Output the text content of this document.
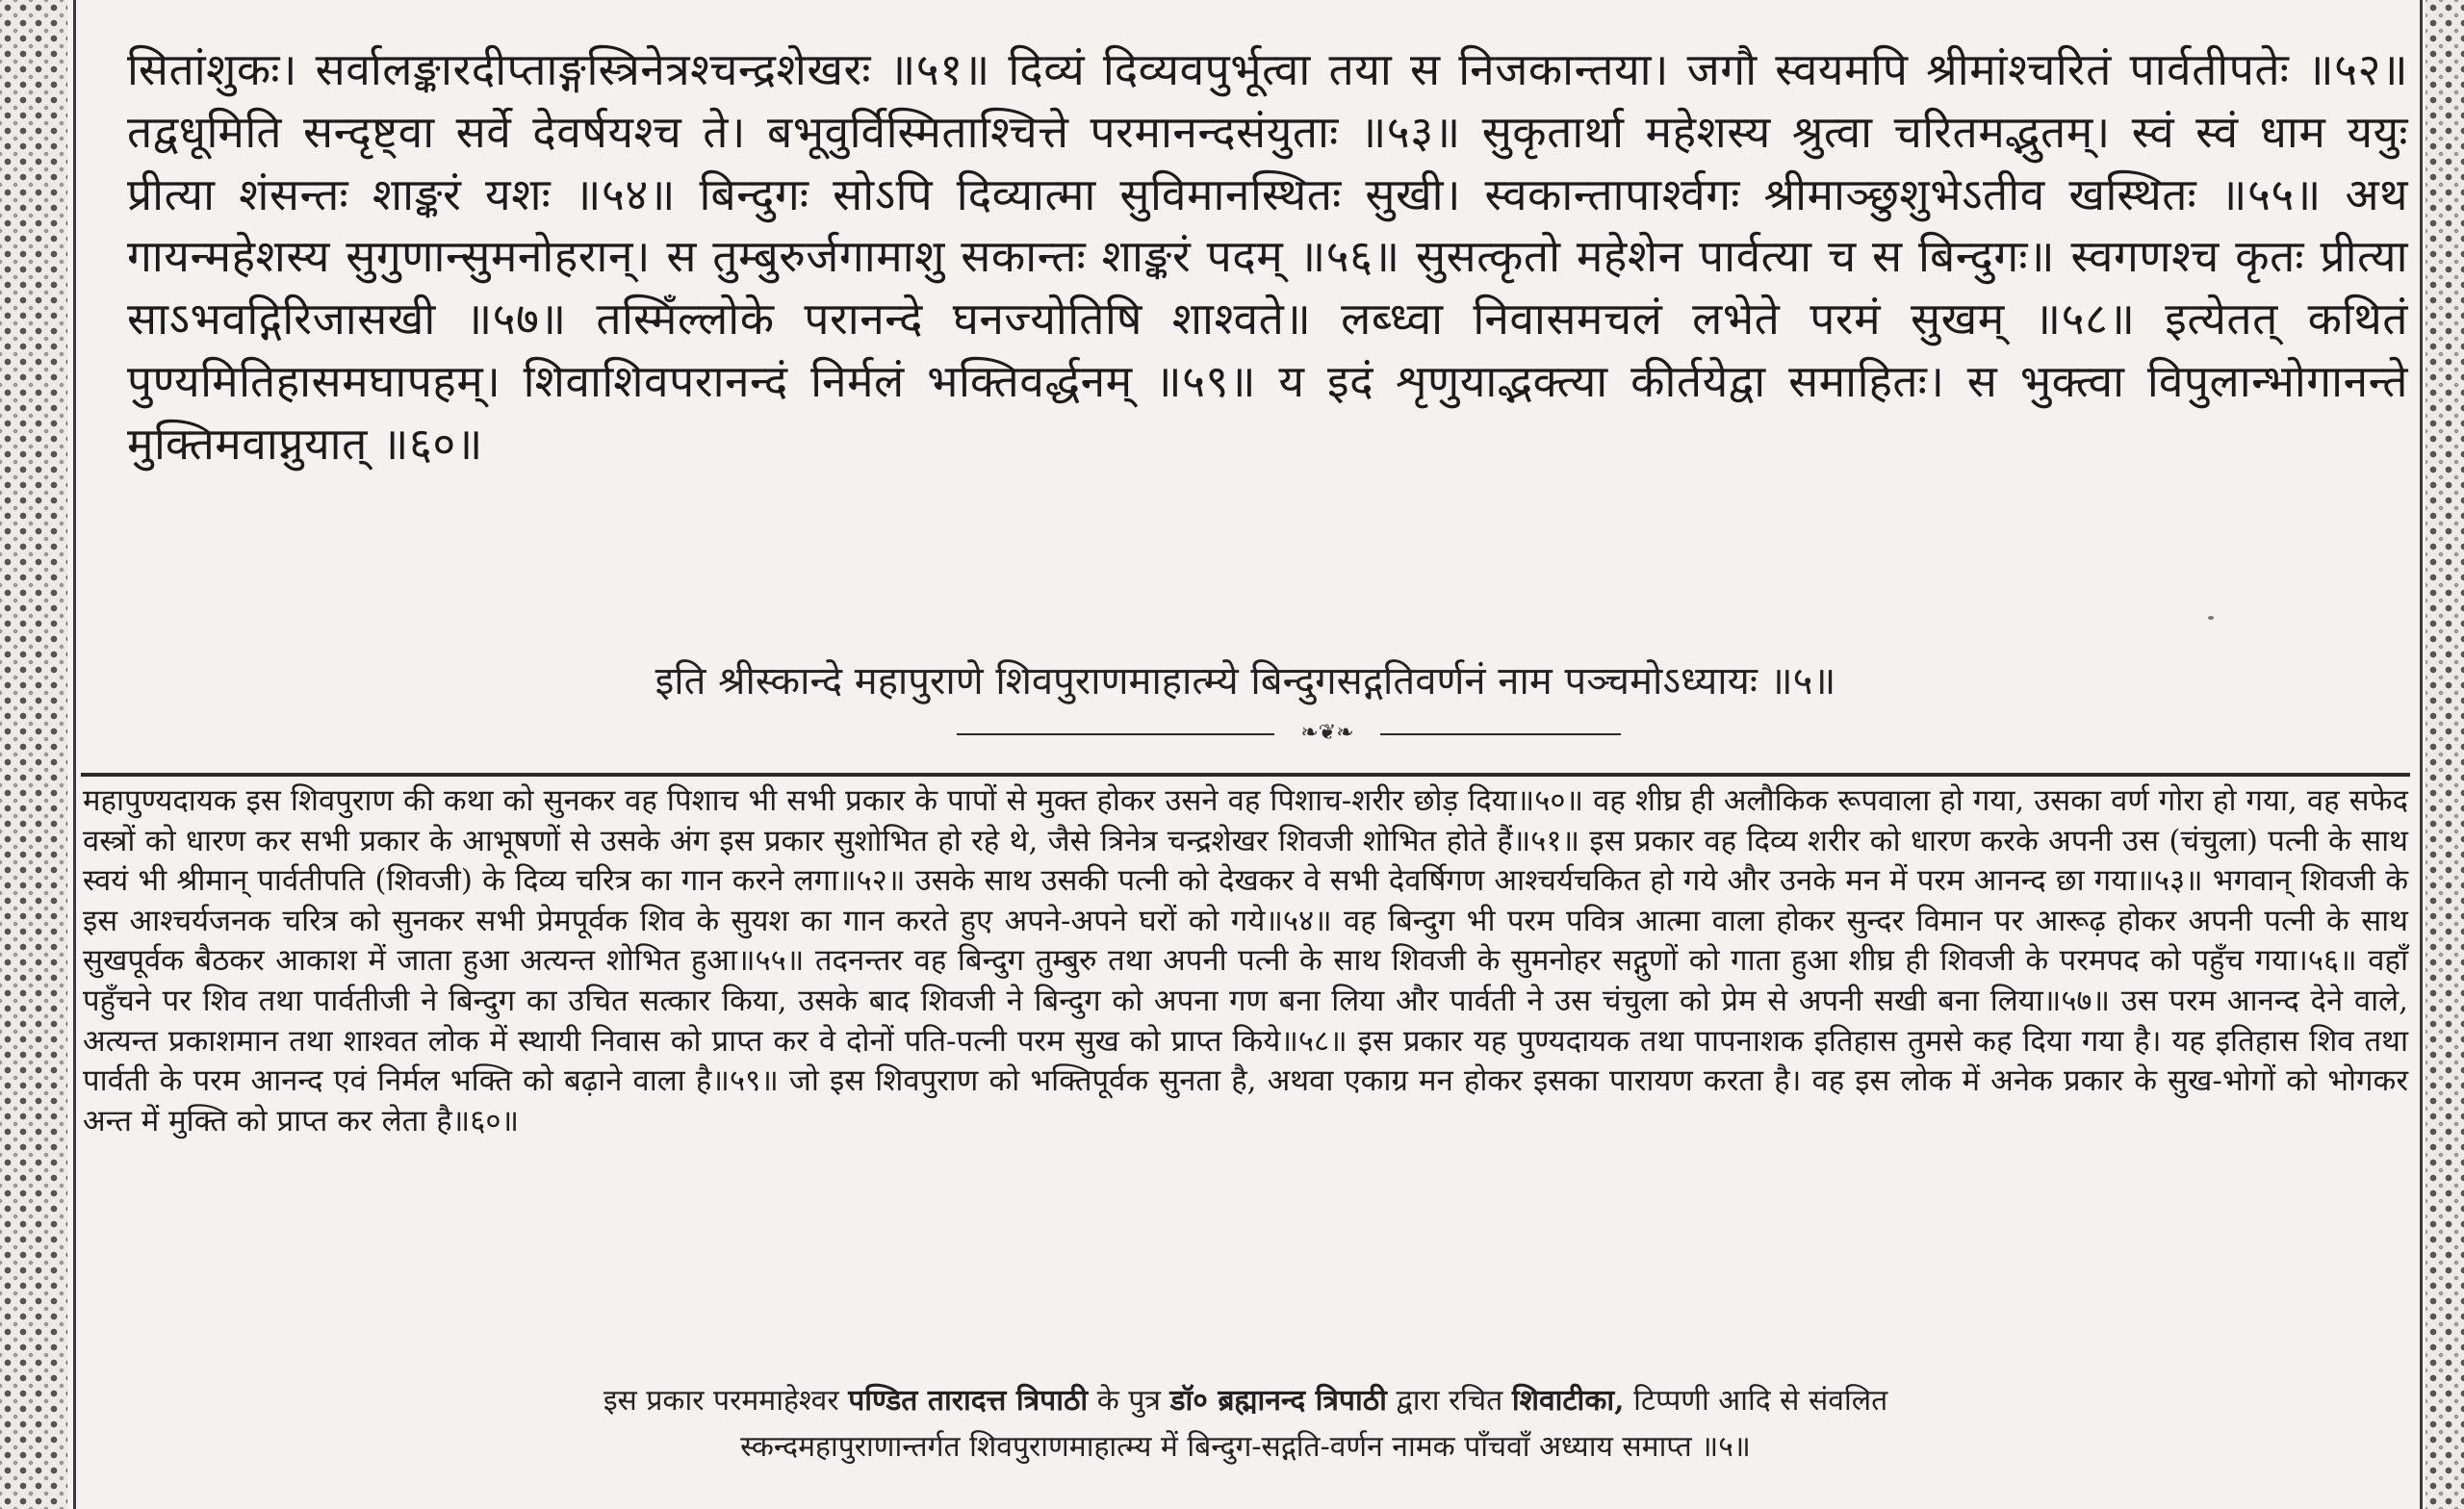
सितांशुकः। सर्वालङ्कारदीप्ताङ्गस्त्रिनेत्रश्चन्द्रशेखरः ॥५१॥ दिव्यं दिव्यवपुर्भूत्वा तया स निजकान्तया। जगौ स्वयमपि श्रीमांश्चरितं पार्वतीपतेः ॥५२॥ तद्वधूमिति सन्दृष्ट्वा सर्वे देवर्षयश्च ते। बभूवुर्विस्मिताश्चित्ते परमानन्दसंयुताः ॥५३॥ सुकृतार्था महेशस्य श्रुत्वा चरितमद्भुतम्। स्वं स्वं धाम ययुः प्रीत्या शंसन्तः शाङ्करं यशः ॥५४॥ बिन्दुगः सोऽपि दिव्यात्मा सुविमानस्थितः सुखी। स्वकान्तापार्श्वगः श्रीमाञ्छुशुभेऽतीव खस्थितः ॥५५॥ अथ गायन्महेशस्य सुगुणान्सुमनोहरान्। स तुम्बुरुर्जगामाशु सकान्तः शाङ्करं पदम् ॥५६॥ सुसत्कृतो महेशेन पार्वत्या च स बिन्दुगः॥ स्वगणश्च कृतः प्रीत्या साऽभवद्गिरिजासखी ॥५७॥ तस्मिँल्लोके परानन्दे घनज्योतिषि शाश्वते॥ लब्ध्वा निवासमचलं लभेते परमं सुखम् ॥५८॥ इत्येतत् कथितं पुण्यमितिहासमघापहम्। शिवाशिवपरानन्दं निर्मलं भक्तिवर्द्धनम् ॥५९॥ य इदं शृणुयाद्भक्त्या कीर्तयेद्वा समाहितः। स भुक्त्वा विपुलान्भोगानन्ते मुक्तिमवाप्नुयात् ॥६०॥
इति श्रीस्कान्दे महापुराणे शिवपुराणमाहात्म्ये बिन्दुगसद्गतिवर्णनं नाम पञ्चमोऽध्यायः ॥५॥
❧❦❧
महापुण्यदायक इस शिवपुराण की कथा को सुनकर वह पिशाच भी सभी प्रकार के पापों से मुक्त होकर उसने वह पिशाच-शरीर छोड़ दिया॥५०॥ वह शीघ्र ही अलौकिक रूपवाला हो गया, उसका वर्ण गोरा हो गया, वह सफेद वस्त्रों को धारण कर सभी प्रकार के आभूषणों से उसके अंग इस प्रकार सुशोभित हो रहे थे, जैसे त्रिनेत्र चन्द्रशेखर शिवजी शोभित होते हैं॥५१॥ इस प्रकार वह दिव्य शरीर को धारण करके अपनी उस (चंचुला) पत्नी के साथ स्वयं भी श्रीमान् पार्वतीपति (शिवजी) के दिव्य चरित्र का गान करने लगा॥५२॥ उसके साथ उसकी पत्नी को देखकर वे सभी देवर्षिगण आश्चर्यचकित हो गये और उनके मन में परम आनन्द छा गया॥५३॥ भगवान् शिवजी के इस आश्चर्यजनक चरित्र को सुनकर सभी प्रेमपूर्वक शिव के सुयश का गान करते हुए अपने-अपने घरों को गये॥५४॥ वह बिन्दुग भी परम पवित्र आत्मा वाला होकर सुन्दर विमान पर आरूढ़ होकर अपनी पत्नी के साथ सुखपूर्वक बैठकर आकाश में जाता हुआ अत्यन्त शोभित हुआ॥५५॥ तदनन्तर वह बिन्दुग तुम्बुरु तथा अपनी पत्नी के साथ शिवजी के सुमनोहर सद्गुणों को गाता हुआ शीघ्र ही शिवजी के परमपद को पहुँच गया।५६॥ वहाँ पहुँचने पर शिव तथा पार्वतीजी ने बिन्दुग का उचित सत्कार किया, उसके बाद शिवजी ने बिन्दुग को अपना गण बना लिया और पार्वती ने उस चंचुला को प्रेम से अपनी सखी बना लिया॥५७॥ उस परम आनन्द देने वाले, अत्यन्त प्रकाशमान तथा शाश्वत लोक में स्थायी निवास को प्राप्त कर वे दोनों पति-पत्नी परम सुख को प्राप्त किये॥५८॥ इस प्रकार यह पुण्यदायक तथा पापनाशक इतिहास तुमसे कह दिया गया है। यह इतिहास शिव तथा पार्वती के परम आनन्द एवं निर्मल भक्ति को बढ़ाने वाला है॥५९॥ जो इस शिवपुराण को भक्तिपूर्वक सुनता है, अथवा एकाग्र मन होकर इसका पारायण करता है। वह इस लोक में अनेक प्रकार के सुख-भोगों को भोगकर अन्त में मुक्ति को प्राप्त कर लेता है॥६०॥
इस प्रकार परममाहेश्वर पण्डित तारादत्त त्रिपाठी के पुत्र डॉ० ब्रह्मानन्द त्रिपाठी द्वारा रचित शिवाटीका, टिप्पणी आदि से संवलित
स्कन्दमहापुराणान्तर्गत शिवपुराणमाहात्म्य में बिन्दुग-सद्गति-वर्णन नामक पाँचवाँ अध्याय समाप्त ॥५॥
